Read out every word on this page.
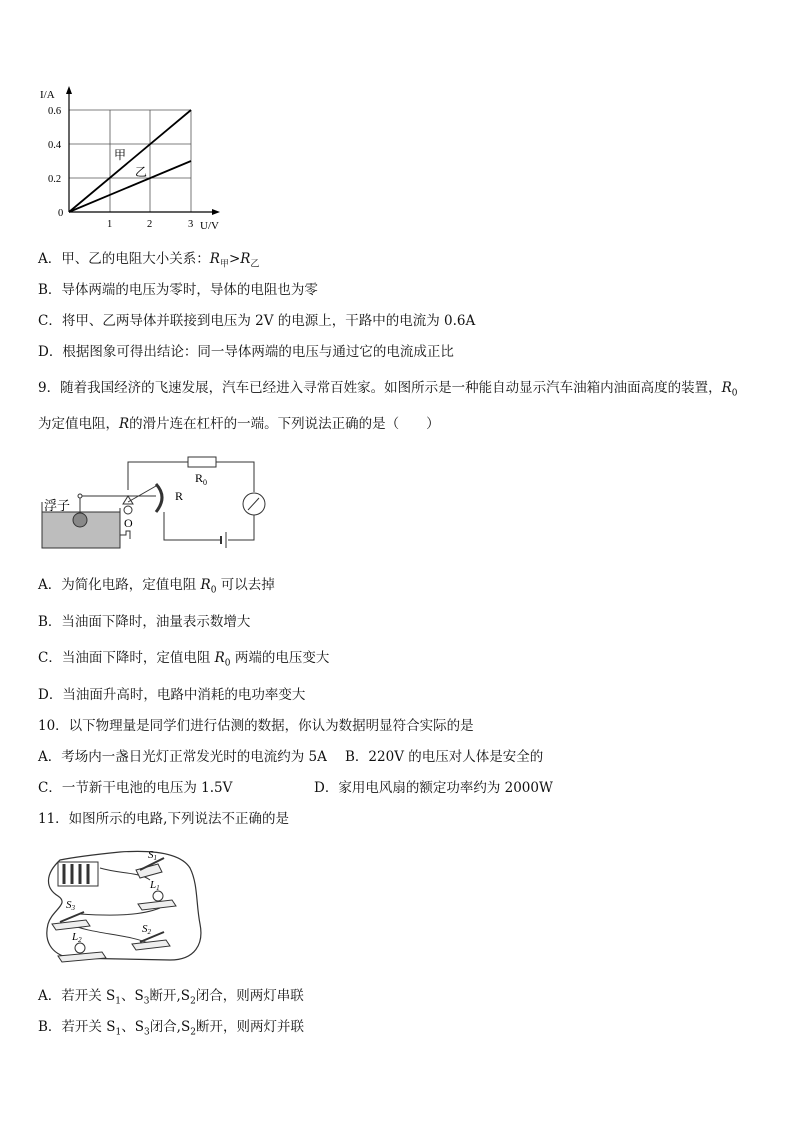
I/A
U/V
0.6
0.4
0.2
0
1	2	3
甲
乙
A．甲、乙的电阻大小关系：$R_甲>R_乙$
B．导体两端的电压为零时，导体的电阻也为零
C．将甲、乙两导体并联接到电压为 2V 的电源上，干路中的电流为 0.6A
D．根据图象可得出结论：同一导体两端的电压与通过它的电流成正比
9．随着我国经济的飞速发展，汽车已经进入寻常百姓家。如图所示是一种能自动显示汽车油箱内油面高度的装置，$R_0$
为定值电阻，R的滑片连在杠杆的一端。下列说法正确的是（　　）
浮子
$R_0$
R
O
A．为简化电路，定值电阻 $R_0$ 可以去掉
B．当油面下降时，油量表示数增大
C．当油面下降时，定值电阻 $R_0$ 两端的电压变大
D．当油面升高时，电路中消耗的电功率变大
10．以下物理量是同学们进行估测的数据，你认为数据明显符合实际的是
A．考场内一盏日光灯正常发光时的电流约为 5A B．220V 的电压对人体是安全的
C．一节新干电池的电压为 1.5V	D．家用电风扇的额定功率约为 2000W
11．如图所示的电路,下列说法不正确的是
S1
L1
S3
S2
L2
A．若开关 $S_1$、$S_3$断开$,S_2$闭合，则两灯串联
B．若开关 $S_1$、$S_3$闭合$,S_2$断开，则两灯并联
